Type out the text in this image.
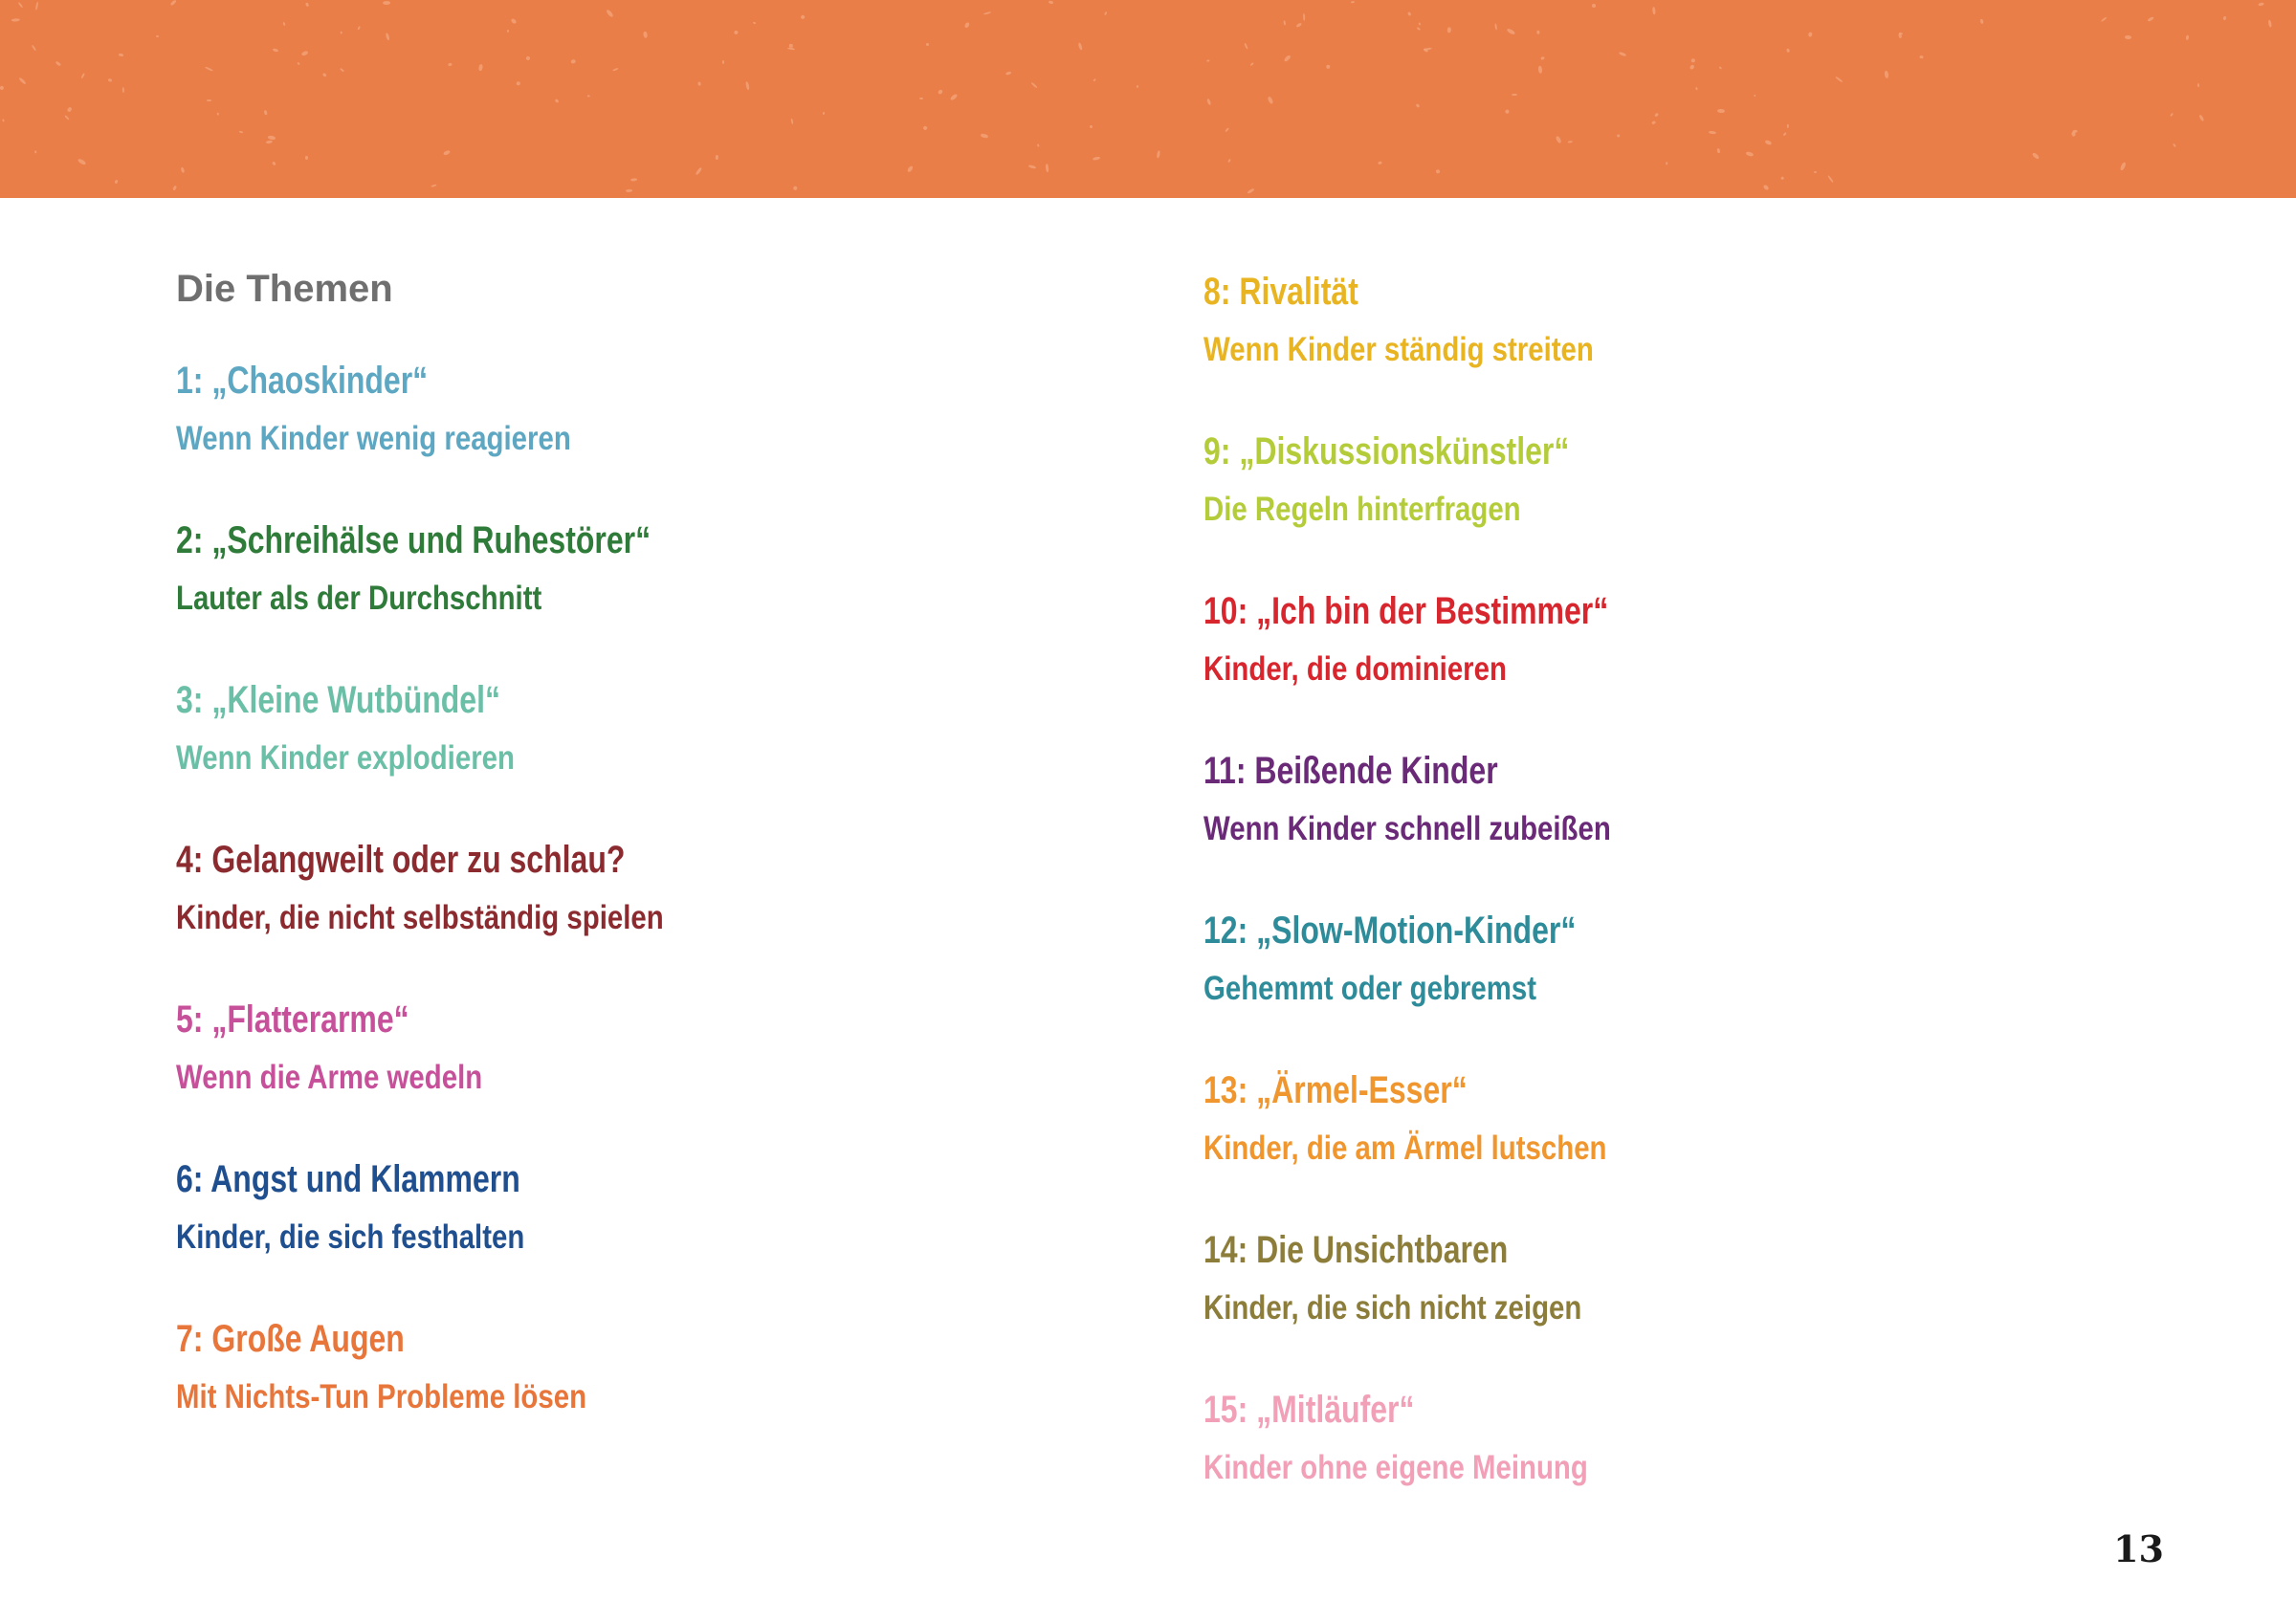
Die Themen
1: „Chaoskinder“
Wenn Kinder wenig reagieren
2: „Schreihälse und Ruhestörer“
Lauter als der Durchschnitt
3: „Kleine Wutbündel“
Wenn Kinder explodieren
4: Gelangweilt oder zu schlau?
Kinder, die nicht selbständig spielen
5: „Flatterarme“
Wenn die Arme wedeln
6: Angst und Klammern
Kinder, die sich festhalten
7: Große Augen
Mit Nichts-Tun Probleme lösen
8: Rivalität
Wenn Kinder ständig streiten
9: „Diskussionskünstler“
Die Regeln hinterfragen
10: „Ich bin der Bestimmer“
Kinder, die dominieren
11: Beißende Kinder
Wenn Kinder schnell zubeißen
12: „Slow-Motion-Kinder“
Gehemmt oder gebremst
13: „Ärmel-Esser“
Kinder, die am Ärmel lutschen
14: Die Unsichtbaren
Kinder, die sich nicht zeigen
15: „Mitläufer“
Kinder ohne eigene Meinung
13
